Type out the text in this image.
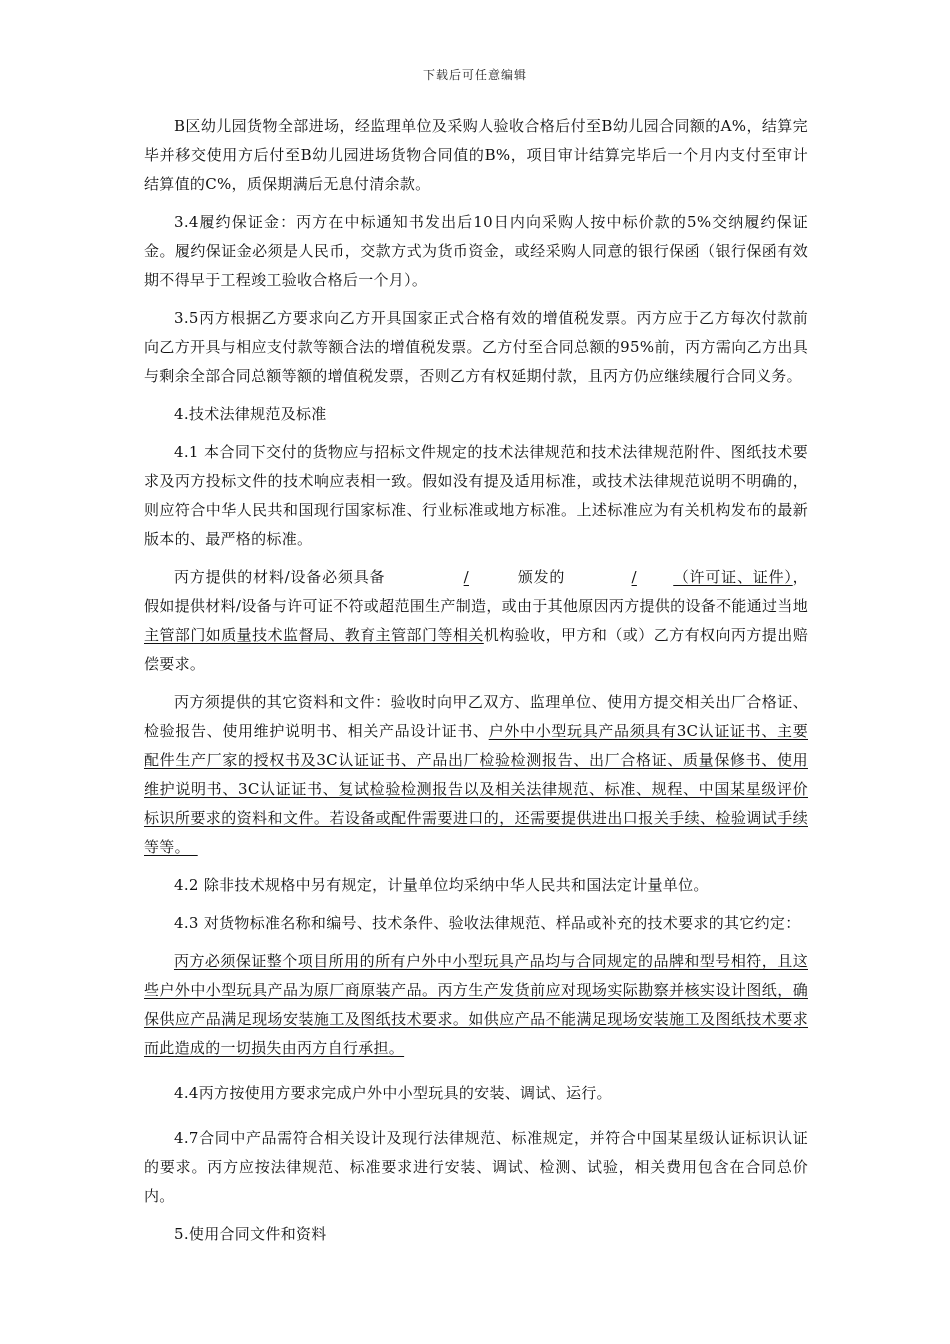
下载后可任意编辑

B区幼儿园货物全部进场，经监理单位及采购人验收合格后付至B幼儿园合同额的A%，结算完毕并移交使用方后付至B幼儿园进场货物合同值的B%，项目审计结算完毕后一个月内支付至审计结算值的C%，质保期满后无息付清余款。

3.4履约保证金：丙方在中标通知书发出后10日内向采购人按中标价款的5%交纳履约保证金。履约保证金必须是人民币，交款方式为货币资金，或经采购人同意的银行保函（银行保函有效期不得早于工程竣工验收合格后一个月）。

3.5丙方根据乙方要求向乙方开具国家正式合格有效的增值税发票。丙方应于乙方每次付款前向乙方开具与相应支付款等额合法的增值税发票。乙方付至合同总额的95%前，丙方需向乙方出具与剩余全部合同总额等额的增值税发票，否则乙方有权延期付款，且丙方仍应继续履行合同义务。

4.技术法律规范及标准

4.1 本合同下交付的货物应与招标文件规定的技术法律规范和技术法律规范附件、图纸技术要求及丙方投标文件的技术响应表相一致。假如没有提及适用标准，或技术法律规范说明不明确的，则应符合中华人民共和国现行国家标准、行业标准或地方标准。上述标准应为有关机构发布的最新版本的、最严格的标准。

丙方提供的材料/设备必须具备	/	颁发的	/ （许可证、证件），假如提供材料/设备与许可证不符或超范围生产制造，或由于其他原因丙方提供的设备不能通过当地主管部门如质量技术监督局、教育主管部门等相关机构验收，甲方和（或）乙方有权向丙方提出赔偿要求。

丙方须提供的其它资料和文件：验收时向甲乙双方、监理单位、使用方提交相关出厂合格证、检验报告、使用维护说明书、相关产品设计证书、户外中小型玩具产品须具有3C认证证书、主要配件生产厂家的授权书及3C认证证书、产品出厂检验检测报告、出厂合格证、质量保修书、使用维护说明书、3C认证证书、复试检验检测报告以及相关法律规范、标准、规程、中国某星级评价标识所要求的资料和文件。若设备或配件需要进口的，还需要提供进出口报关手续、检验调试手续等等。　

4.2 除非技术规格中另有规定，计量单位均采纳中华人民共和国法定计量单位。

4.3 对货物标准名称和编号、技术条件、验收法律规范、样品或补充的技术要求的其它约定：

丙方必须保证整个项目所用的所有户外中小型玩具产品均与合同规定的品牌和型号相符，且这些户外中小型玩具产品为原厂商原装产品。丙方生产发货前应对现场实际勘察并核实设计图纸，确保供应产品满足现场安装施工及图纸技术要求。如供应产品不能满足现场安装施工及图纸技术要求而此造成的一切损失由丙方自行承担。

4.4丙方按使用方要求完成户外中小型玩具的安装、调试、运行。

4.7合同中产品需符合相关设计及现行法律规范、标准规定，并符合中国某星级认证标识认证的要求。丙方应按法律规范、标准要求进行安装、调试、检测、试验，相关费用包含在合同总价内。

5.使用合同文件和资料
